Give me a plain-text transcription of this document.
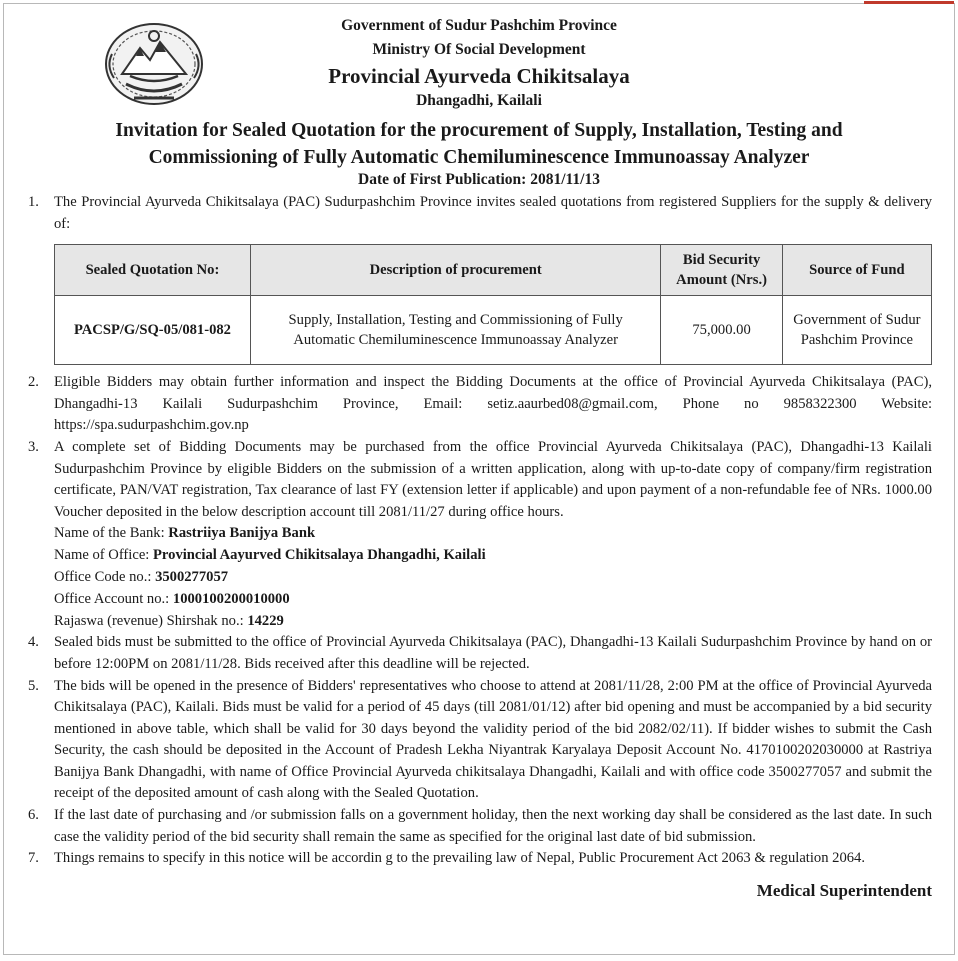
Government of Sudur Pashchim Province
Ministry Of Social Development
Provincial Ayurveda Chikitsalaya
Dhangadhi, Kailali
Invitation for Sealed Quotation for the procurement of Supply, Installation, Testing and
Commissioning of Fully Automatic Chemiluminescence Immunoassay Analyzer
Date of First Publication: 2081/11/13
1. The Provincial Ayurveda Chikitsalaya (PAC) Sudurpashchim Province invites sealed quotations from registered Suppliers for the supply & delivery of:

Sealed Quotation No:	Description of procurement	Bid Security Amount (Nrs.)	Source of Fund
PACSP/G/SQ-05/081-082	Supply, Installation, Testing and Commissioning of Fully Automatic Chemiluminescence Immunoassay Analyzer	75,000.00	Government of Sudur Pashchim Province
2. Eligible Bidders may obtain further information and inspect the Bidding Documents at the office of Provincial Ayurveda Chikitsalaya (PAC), Dhangadhi-13 Kailali Sudurpashchim Province, Email: setiz.aaurbed08@gmail.com, Phone no 9858322300 Website: https://spa.sudurpashchim.gov.np

3. A complete set of Bidding Documents may be purchased from the office Provincial Ayurveda Chikitsalaya (PAC), Dhangadhi-13 Kailali Sudurpashchim Province by eligible Bidders on the submission of a written application, along with up-to-date copy of company/firm registration certificate, PAN/VAT registration, Tax clearance of last FY (extension letter if applicable) and upon payment of a non-refundable fee of NRs. 1000.00 Voucher deposited in the below description account till 2081/11/27 during office hours.

Name of the Bank: Rastriiya Banijya Bank
Name of Office: Provincial Aayurved Chikitsalaya Dhangadhi, Kailali
Office Code no.: 3500277057
Office Account no.: 1000100200010000
Rajaswa (revenue) Shirshak no.: 14229
4. Sealed bids must be submitted to the office of Provincial Ayurveda Chikitsalaya (PAC), Dhangadhi-13 Kailali Sudurpashchim Province by hand on or before 12:00PM on 2081/11/28. Bids received after this deadline will be rejected.

5. The bids will be opened in the presence of Bidders' representatives who choose to attend at 2081/11/28, 2:00 PM at the office of Provincial Ayurveda Chikitsalaya (PAC), Kailali. Bids must be valid for a period of 45 days (till 2081/01/12) after bid opening and must be accompanied by a bid security mentioned in above table, which shall be valid for 30 days beyond the validity period of the bid 2082/02/11). If bidder wishes to submit the Cash Security, the cash should be deposited in the Account of Pradesh Lekha Niyantrak Karyalaya Deposit Account No. 4170100202030000 at Rastriya Banijya Bank Dhangadhi, with name of Office Provincial Ayurveda chikitsalaya Dhangadhi, Kailali and with office code 3500277057 and submit the receipt of the deposited amount of cash along with the Sealed Quotation.

6. If the last date of purchasing and /or submission falls on a government holiday, then the next working day shall be considered as the last date. In such case the validity period of the bid security shall remain the same as specified for the original last date of bid submission.

7. Things remains to specify in this notice will be accordin g to the prevailing law of Nepal, Public Procurement Act 2063 & regulation 2064.

Medical Superintendent
